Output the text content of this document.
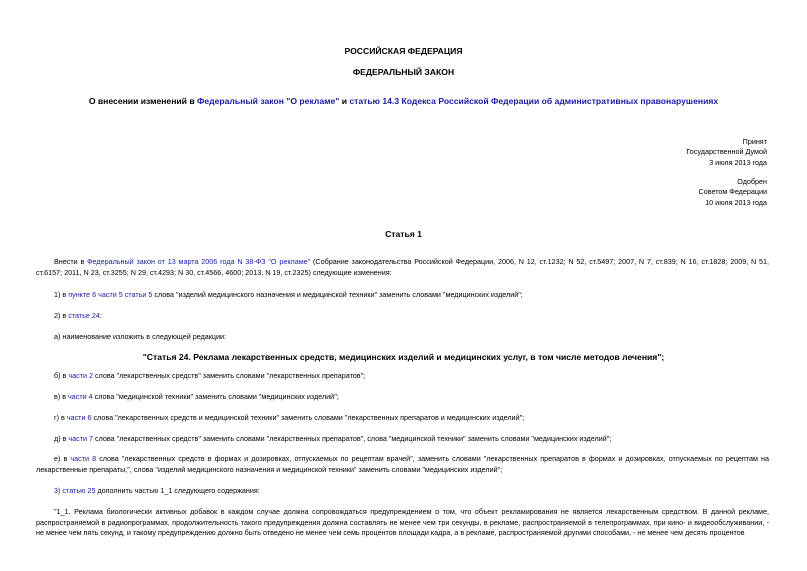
РОССИЙСКАЯ ФЕДЕРАЦИЯ
ФЕДЕРАЛЬНЫЙ ЗАКОН
О внесении изменений в Федеральный закон "О рекламе" и статью 14.3 Кодекса Российской Федерации об административных правонарушениях
Принят
Государственной Думой
3 июля 2013 года
Одобрен
Советом Федерации
10 июля 2013 года
Статья 1
Внести в Федеральный закон от 13 марта 2006 года N 38-ФЗ "О рекламе" (Собрание законодательства Российской Федерации, 2006, N 12, ст.1232; N 52, ст.5497; 2007, N 7, ст.839; N 16, ст.1828; 2009, N 51, ст.6157; 2011, N 23, ст.3255; N 29, ст.4293; N 30, ст.4566, 4600; 2013, N 19, ст.2325) следующие изменения:
1) в пункте 6 части 5 статьи 5 слова "изделий медицинского назначения и медицинской техники" заменить словами "медицинских изделий";
2) в статье 24:
а) наименование изложить в следующей редакции:
"Статья 24. Реклама лекарственных средств, медицинских изделий и медицинских услуг, в том числе методов лечения";
б) в части 2 слова "лекарственных средств" заменить словами "лекарственных препаратов";
в) в части 4 слова "медицинской техники" заменить словами "медицинских изделий";
г) в части 6 слова "лекарственных средств и медицинской техники" заменить словами "лекарственных препаратов и медицинских изделий";
д) в части 7 слова "лекарственных средств" заменить словами "лекарственных препаратов", слова "медицинской техники" заменить словами "медицинских изделий";
е) в части 8 слова "лекарственных средств в формах и дозировках, отпускаемых по рецептам врачей", заменить словами "лекарственных препаратов в формах и дозировках, отпускаемых по рецептам на лекарственные препараты,", слова "изделий медицинского назначения и медицинской техники" заменить словами "медицинских изделий";
3) статью 25 дополнить частью 1_1 следующего содержания:
"1_1. Реклама биологически активных добавок в каждом случае должна сопровождаться предупреждением о том, что объект рекламирования не является лекарственным средством. В данной рекламе, распространяемой в радиопрограммах, продолжительность такого предупреждения должна составлять не менее чем три секунды, в рекламе, распространяемой в телепрограммах, при кино- и видеообслуживании, - не менее чем пять секунд, и такому предупреждению должно быть отведено не менее чем семь процентов площади кадра, а в рекламе, распространяемой другими способами, - не менее чем десять процентов
